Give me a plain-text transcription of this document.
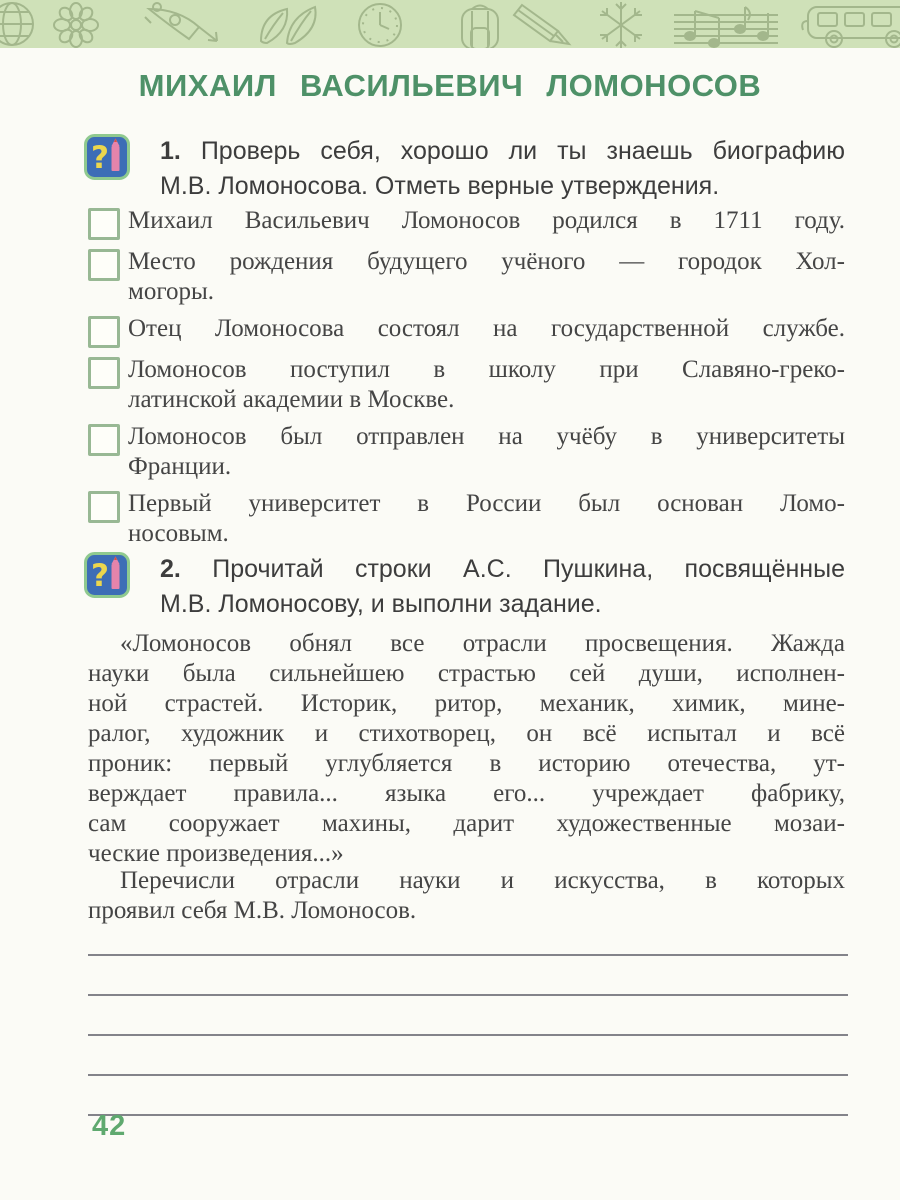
МИХАИЛ ВАСИЛЬЕВИЧ ЛОМОНОСОВ
? 1. Проверь себя, хорошо ли ты знаешь биографию
М.В. Ломоносова. Отметь верные утверждения.
Михаил Васильевич Ломоносов родился в 1711 году.
Место рождения будущего учёного — городок Хол-
могоры.
Отец Ломоносова состоял на государственной службе.
Ломоносов поступил в школу при Славяно-греко-
латинской академии в Москве.
Ломоносов был отправлен на учёбу в университеты
Франции.
Первый университет в России был основан Ломо-
носовым.
? 2. Прочитай строки А.С. Пушкина, посвящённые
М.В. Ломоносову, и выполни задание.
«Ломоносов обнял все отрасли просвещения. Жажда
науки была сильнейшею страстью сей души, исполнен-
ной страстей. Историк, ритор, механик, химик, мине-
ралог, художник и стихотворец, он всё испытал и всё
проник: первый углубляется в историю отечества, ут-
верждает правила... языка его... учреждает фабрику,
сам сооружает махины, дарит художественные мозаи-
ческие произведения...»
Перечисли отрасли науки и искусства, в которых
проявил себя М.В. Ломоносов.
42
